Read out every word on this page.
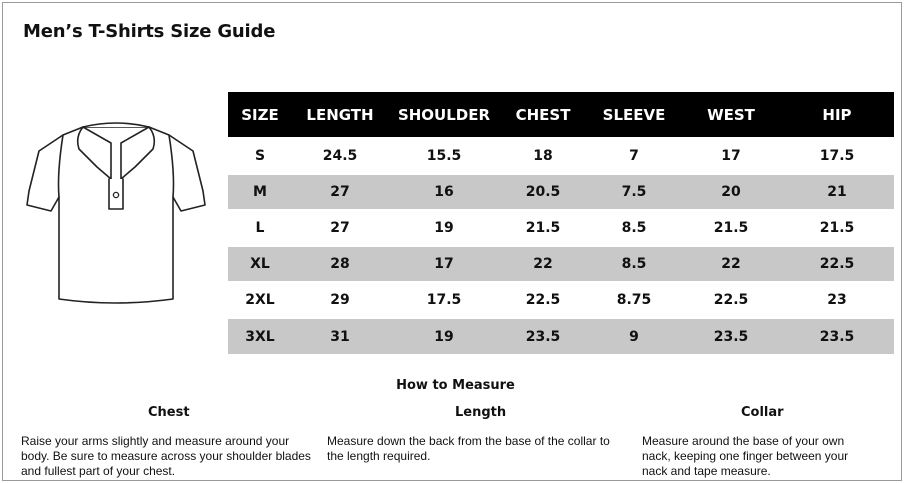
Men’s T-Shirts Size Guide
SIZE	LENGTH	SHOULDER	CHEST	SLEEVE	WEST	HIP
S	24.5	15.5	18	7	17	17.5
M	27	16	20.5	7.5	20	21
L	27	19	21.5	8.5	21.5	21.5
XL	28	17	22	8.5	22	22.5
2XL	29	17.5	22.5	8.75	22.5	23
3XL	31	19	23.5	9	23.5	23.5
How to Measure
Chest	Length	Collar
Raise your arms slightly and measure around your body. Be sure to measure across your shoulder blades and fullest part of your chest.
Measure down the back from the base of the collar to the length required.
Measure around the base of your own nack, keeping one finger between your nack and tape measure.
